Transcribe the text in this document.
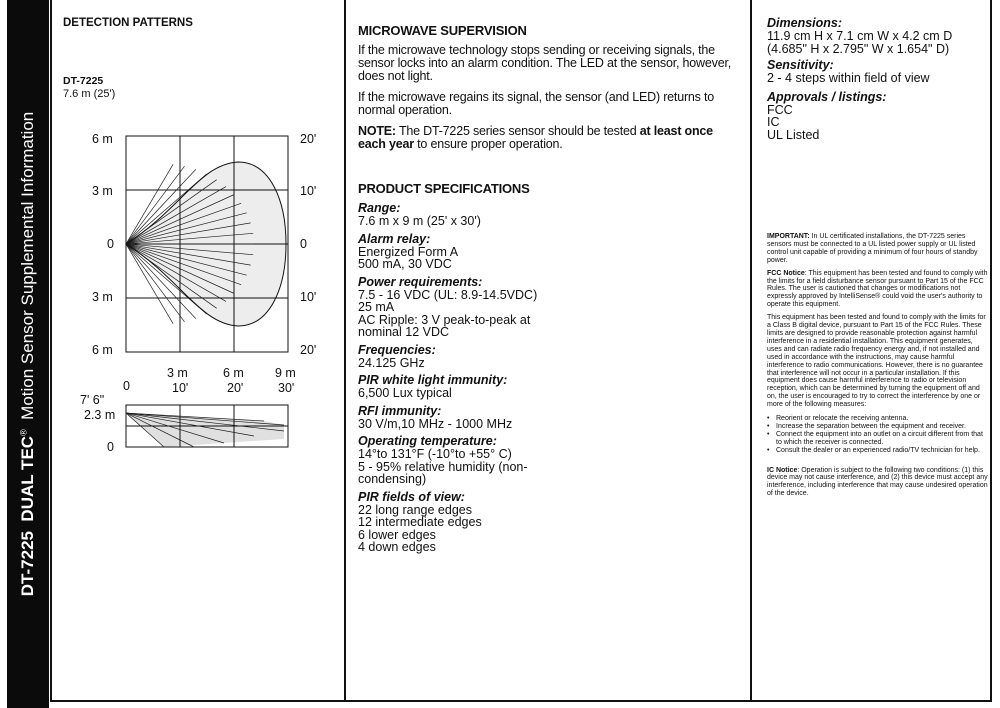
DT-7225  DUAL TEC®  Motion Sensor Supplemental Information
DETECTION PATTERNS
DT-7225
7.6 m (25')
6 m
3 m
0
3 m
6 m
20'
10'
0
10'
20'
3 m	6 m 9 m
0	10'	20'	30'
7' 6"
2.3 m
0
MICROWAVE SUPERVISION
If the microwave technology stops sending or receiving signals, the sensor locks into an alarm condition. The LED at the sensor, however, does not light.
If the microwave regains its signal, the sensor (and LED) returns to normal operation.
NOTE: The DT-7225 series sensor should be tested at least once each year to ensure proper operation.
PRODUCT SPECIFICATIONS
Range:
7.6 m x 9 m (25' x 30')
Alarm relay:
Energized Form A
500 mA, 30 VDC
Power requirements:
7.5 - 16 VDC (UL: 8.9-14.5VDC)
25 mA
AC Ripple: 3 V peak-to-peak at
nominal 12 VDC
Frequencies:
24.125 GHz
PIR white light immunity:
6,500 Lux typical
RFI immunity:
30 V/m,10 MHz - 1000 MHz
Operating temperature:
14°to 131°F (-10°to +55° C)
5 - 95% relative humidity (non-
condensing)
PIR fields of view:
22 long range edges
12 intermediate edges
6 lower edges
4 down edges
Dimensions:
11.9 cm H x 7.1 cm W x 4.2 cm D
(4.685" H x 2.795" W x 1.654" D)
Sensitivity:
2 - 4 steps within field of view
Approvals / listings:
FCC
IC
UL Listed
IMPORTANT: In UL certificated installations, the DT-7225 series sensors must be connected to a UL listed power supply or UL listed control unit capable of providing a minimum of four hours of standby power.
FCC Notice: This equipment has been tested and found to comply with the limits for a field disturbance sensor pursuant to Part 15 of the FCC Rules. The user is cautioned that changes or modifications not expressly approved by IntelliSense® could void the user's authority to operate this equipment.
This equipment has been tested and found to comply with the limits for a Class B digital device, pursuant to Part 15 of the FCC Rules. These limits are designed to provide reasonable protection against harmful interference in a residential installation. This equipment generates, uses and can radiate radio frequency energy and, if not installed and used in accordance with the instructions, may cause harmful interference to radio communications. However, there is no guarantee that interference will not occur in a particular installation. If this equipment does cause harmful interference to radio or television reception, which can be determined by turning the equipment off and on, the user is encouraged to try to correct the interference by one or more of the following measures:
• Reorient or relocate the receiving antenna.
• Increase the separation between the equipment and receiver.
• Connect the equipment into an outlet on a circuit different from that to which the receiver is connected.
• Consult the dealer or an experienced radio/TV technician for help.
IC Notice: Operation is subject to the following two conditions: (1) this device may not cause interference, and (2) this device must accept any interference, including interference that may cause undesired operation of the device.
